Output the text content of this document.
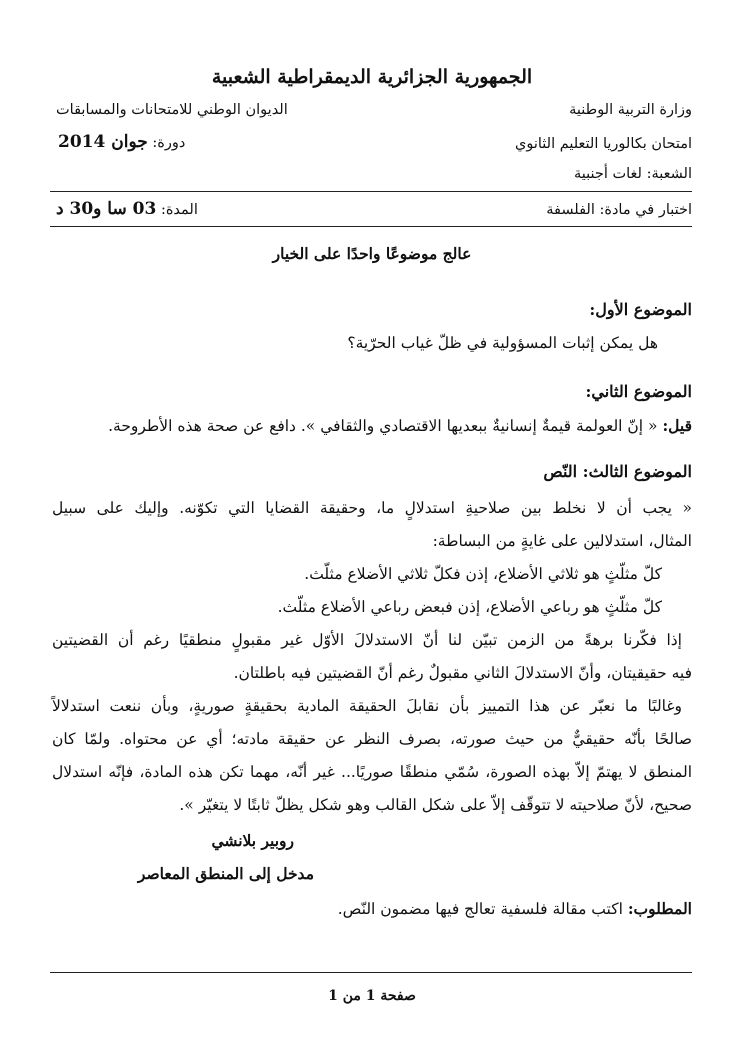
الجمهورية الجزائرية الديمقراطية الشعبية
وزارة التربية الوطنية
الديوان الوطني للامتحانات والمسابقات
امتحان بكالوريا التعليم الثانوي
دورة: جوان 2014
الشعبة: لغات أجنبية
اختبار في مادة: الفلسفة
المدة: 03 سا و30 د
عالج موضوعًا واحدًا على الخيار
الموضوع الأول:
هل يمكن إثبات المسؤولية في ظلّ غياب الحرّية؟
الموضوع الثاني:
قيل: « إنّ العولمة قيمةٌ إنسانيةٌ ببعديها الاقتصادي والثقافي ». دافع عن صحة هذه الأطروحة.
الموضوع الثالث: النّص
« يجب أن لا نخلط بين صلاحيةِ استدلالٍ ما، وحقيقة القضايا التي تكوّنه. وإليك على سبيل
المثال، استدلالين على غايةٍ من البساطة:
كلّ مثلّثٍ هو ثلاثي الأضلاع، إذن فكلّ ثلاثي الأضلاع مثلّث.
كلّ مثلّثٍ هو رباعي الأضلاع، إذن فبعض رباعي الأضلاع مثلّث.
إذا فكّرنا برهةً من الزمن تبيّن لنا أنّ الاستدلالَ الأوّل غير مقبولٍ منطقيًا رغم أن القضيتين
فيه حقيقيتان، وأنّ الاستدلالَ الثاني مقبولٌ رغم أنّ القضيتين فيه باطلتان.
وغالبًا ما نعبّر عن هذا التمييز بأن نقابلَ الحقيقة المادية بحقيقةٍ صوريةٍ، وبأن ننعت استدلالاً
صالحًا بأنّه حقيقيٌّ من حيث صورته، بصرف النظر عن حقيقة مادته؛ أي عن محتواه. ولمّا كان
المنطق لا يهتمّ إلاّ بهذه الصورة، سُمّي منطقًا صوريًا... غير أنّه، مهما تكن هذه المادة، فإنّه استدلال
صحيح، لأنّ صلاحيته لا تتوقّف إلاّ على شكل القالب وهو شكل يظلّ ثابتًا لا يتغيّر ».
روبير بلانشي
مدخل إلى المنطق المعاصر
المطلوب: اكتب مقالة فلسفية تعالج فيها مضمون النّص.
صفحة 1 من 1
